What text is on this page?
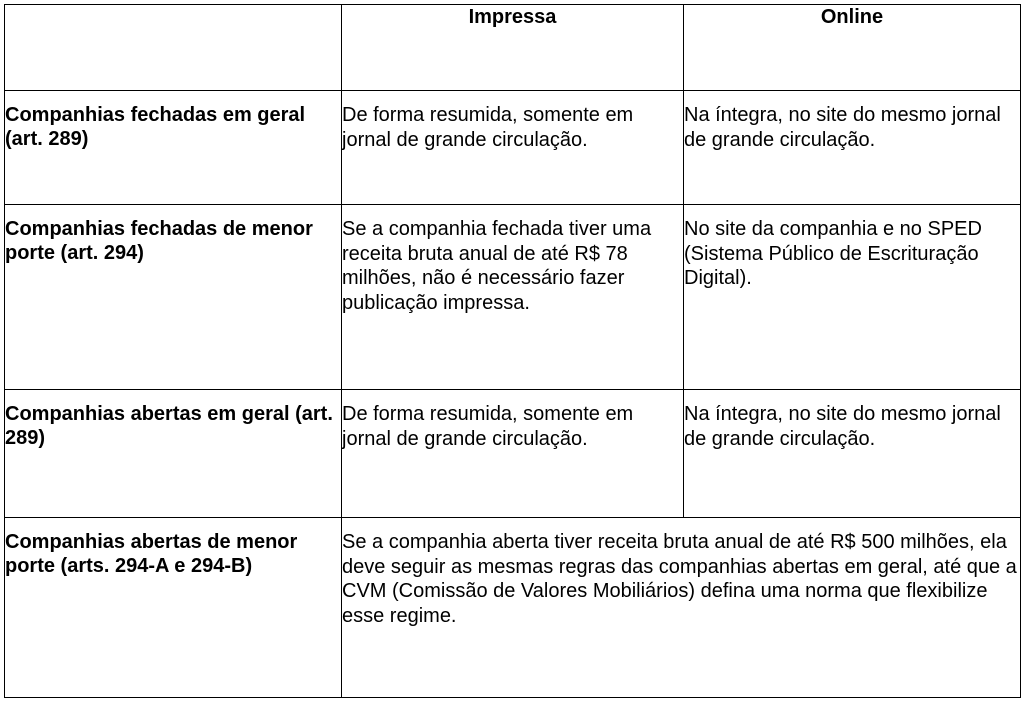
	Impressa	Online
Companhias fechadas em geral (art. 289)	De forma resumida, somente em jornal de grande circulação.	Na íntegra, no site do mesmo jornal de grande circulação.
Companhias fechadas de menor porte (art. 294)	Se a companhia fechada tiver uma receita bruta anual de até R$ 78 milhões, não é necessário fazer publicação impressa.	No site da companhia e no SPED (Sistema Público de Escrituração Digital).
Companhias abertas em geral (art. 289)	De forma resumida, somente em jornal de grande circulação.	Na íntegra, no site do mesmo jornal de grande circulação.
Companhias abertas de menor porte (arts. 294-A e 294-B)	Se a companhia aberta tiver receita bruta anual de até R$ 500 milhões, ela deve seguir as mesmas regras das companhias abertas em geral, até que a CVM (Comissão de Valores Mobiliários) defina uma norma que flexibilize esse regime.	
